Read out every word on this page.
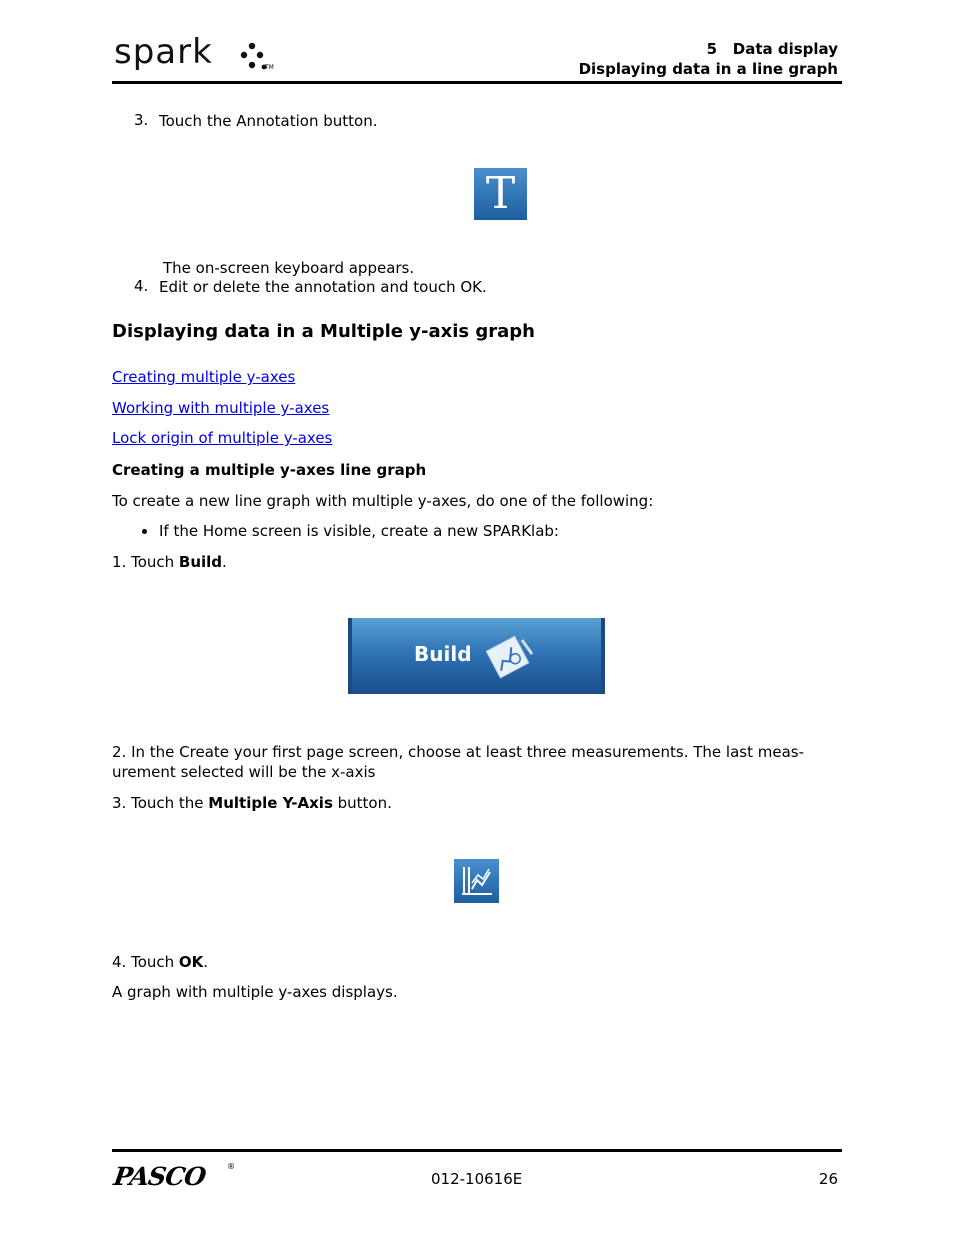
spark	TM
5   Data display
Displaying data in a line graph
3. Touch the Annotation button.
T
The on-screen keyboard appears.
4. Edit or delete the annotation and touch OK.
Displaying data in a Multiple y-axis graph
Creating multiple y-axes
Working with multiple y-axes
Lock origin of multiple y-axes
Creating a multiple y-axes line graph
To create a new line graph with multiple y-axes, do one of the following:
If the Home screen is visible, create a new SPARKlab:
1. Touch Build.
Build
2. In the Create your first page screen, choose at least three measurements. The last meas-
urement selected will be the x-axis
3. Touch the Multiple Y-Axis button.
4. Touch OK.
A graph with multiple y-axes displays.
PASCO ®
012-10616E	26
